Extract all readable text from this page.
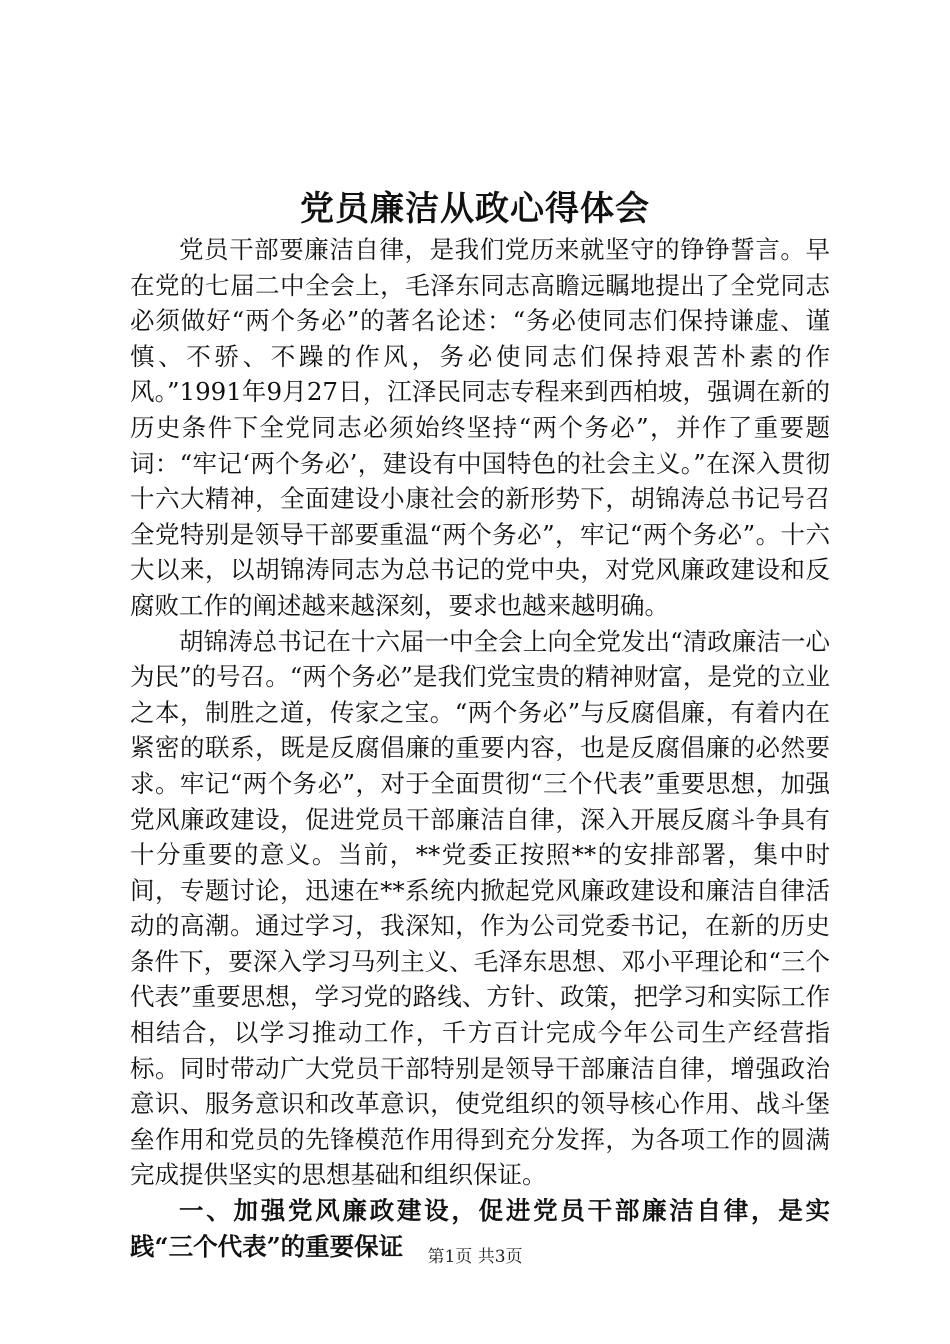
党员廉洁从政心得体会

党员干部要廉洁自律，是我们党历来就坚守的铮铮誓言。早在党的七届二中全会上，毛泽东同志高瞻远瞩地提出了全党同志必须做好“两个务必”的著名论述：“务必使同志们保持谦虚、谨慎、不骄、不躁的作风，务必使同志们保持艰苦朴素的作风。”1991年9月27日，江泽民同志专程来到西柏坡，强调在新的历史条件下全党同志必须始终坚持“两个务必”，并作了重要题词：“牢记‘两个务必’，建设有中国特色的社会主义。”在深入贯彻十六大精神，全面建设小康社会的新形势下，胡锦涛总书记号召全党特别是领导干部要重温“两个务必”，牢记“两个务必”。十六大以来，以胡锦涛同志为总书记的党中央，对党风廉政建设和反腐败工作的阐述越来越深刻，要求也越来越明确。

胡锦涛总书记在十六届一中全会上向全党发出“清政廉洁一心为民”的号召。“两个务必”是我们党宝贵的精神财富，是党的立业之本，制胜之道，传家之宝。“两个务必”与反腐倡廉，有着内在紧密的联系，既是反腐倡廉的重要内容，也是反腐倡廉的必然要求。牢记“两个务必”，对于全面贯彻“三个代表”重要思想，加强党风廉政建设，促进党员干部廉洁自律，深入开展反腐斗争具有十分重要的意义。当前，**党委正按照**的安排部署，集中时间，专题讨论，迅速在**系统内掀起党风廉政建设和廉洁自律活动的高潮。通过学习，我深知，作为公司党委书记，在新的历史条件下，要深入学习马列主义、毛泽东思想、邓小平理论和“三个代表”重要思想，学习党的路线、方针、政策，把学习和实际工作相结合，以学习推动工作，千方百计完成今年公司生产经营指标。同时带动广大党员干部特别是领导干部廉洁自律，增强政治意识、服务意识和改革意识，使党组织的领导核心作用、战斗堡垒作用和党员的先锋模范作用得到充分发挥，为各项工作的圆满完成提供坚实的思想基础和组织保证。

一、加强党风廉政建设，促进党员干部廉洁自律，是实践“三个代表”的重要保证	第1页 共3页
